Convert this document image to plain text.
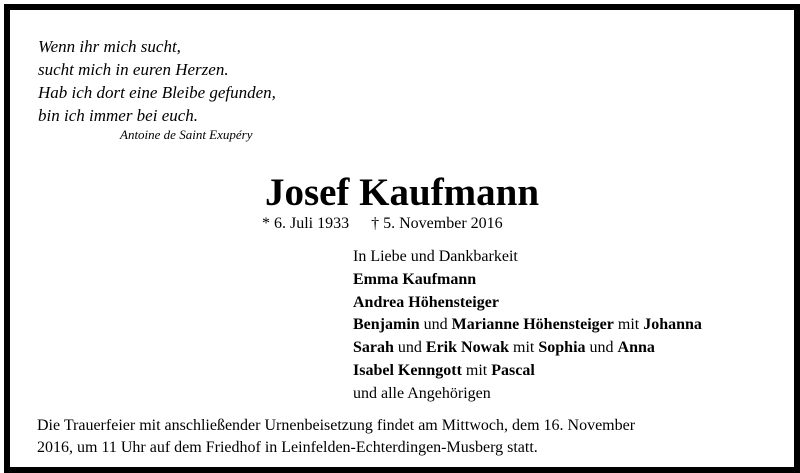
Wenn ihr mich sucht,
sucht mich in euren Herzen.
Hab ich dort eine Bleibe gefunden,
bin ich immer bei euch.
Antoine de Saint Exupéry
Josef Kaufmann
* 6. Juli 1933 † 5. November 2016
In Liebe und Dankbarkeit
Emma Kaufmann
Andrea Höhensteiger
Benjamin und Marianne Höhensteiger mit Johanna
Sarah und Erik Nowak mit Sophia und Anna
Isabel Kenngott mit Pascal
und alle Angehörigen
Die Trauerfeier mit anschließender Urnenbeisetzung findet am Mittwoch, dem 16. November
2016, um 11 Uhr auf dem Friedhof in Leinfelden-Echterdingen-Musberg statt.
